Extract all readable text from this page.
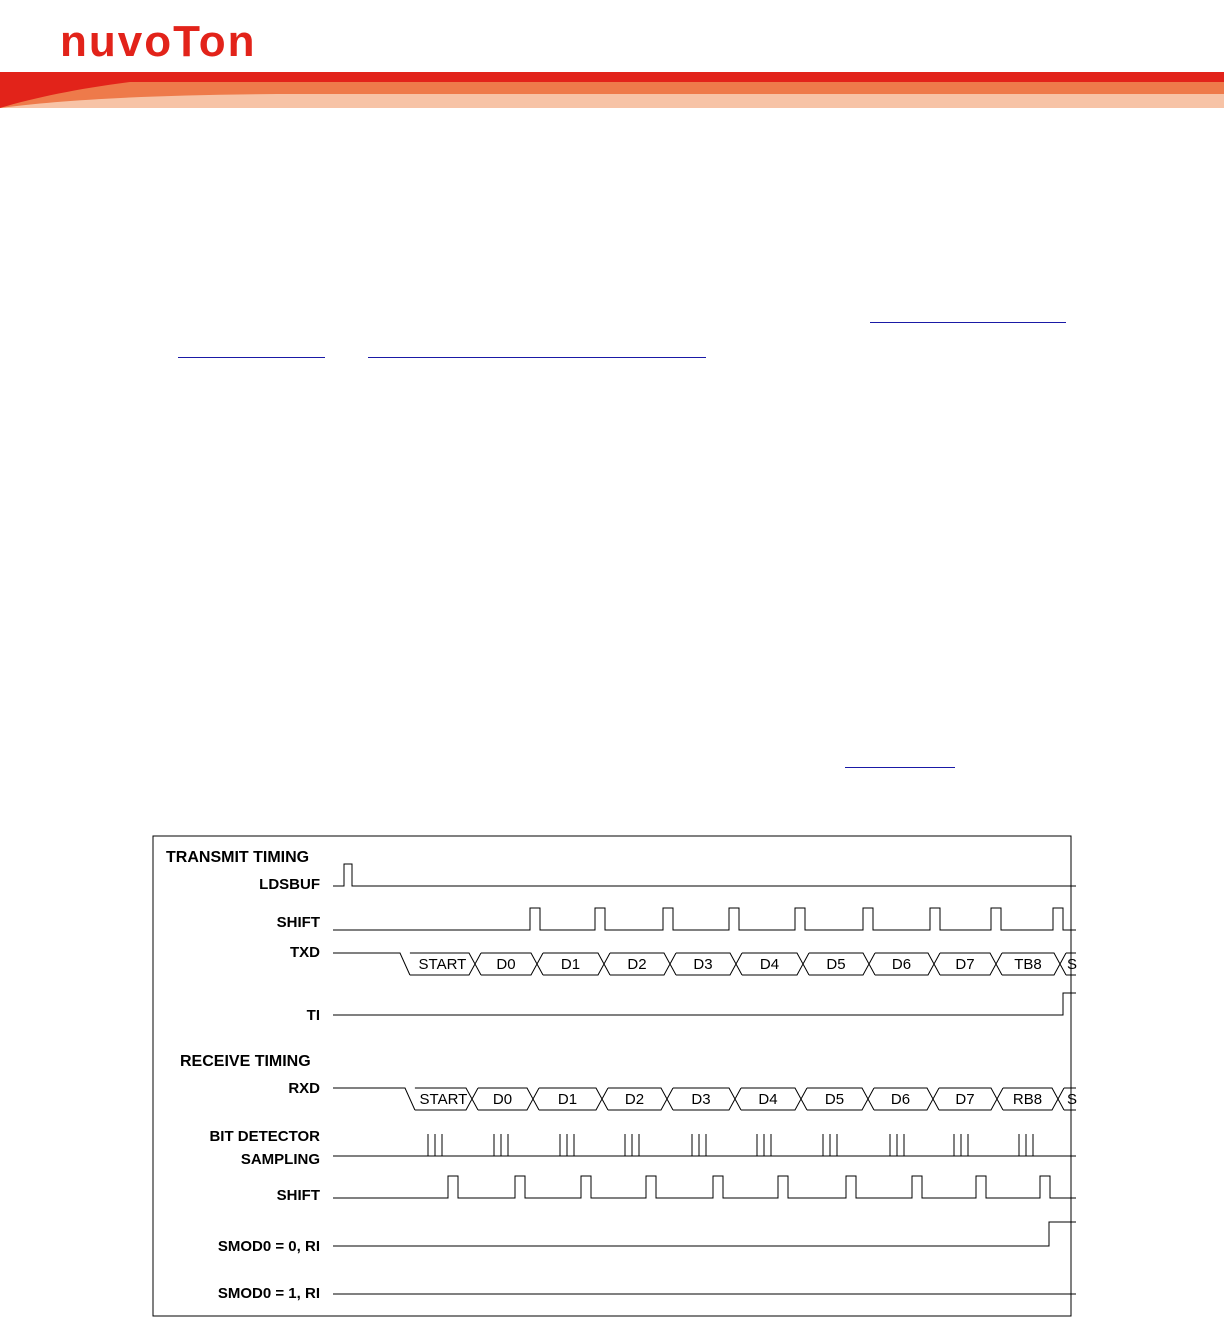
nuvoTon
TRANSMIT TIMING
LDSBUF
SHIFT
TXD
TI
RECEIVE TIMING
RXD
BIT DETECTOR
SAMPLING
SHIFT
SMOD0 = 0, RI
SMOD0 = 1, RI
START D0	D1	D2	D3	D4	D5	D6	D7	TB8 S
START D0	D1	D2	D3	D4	D5	D6	D7	RB8 S
